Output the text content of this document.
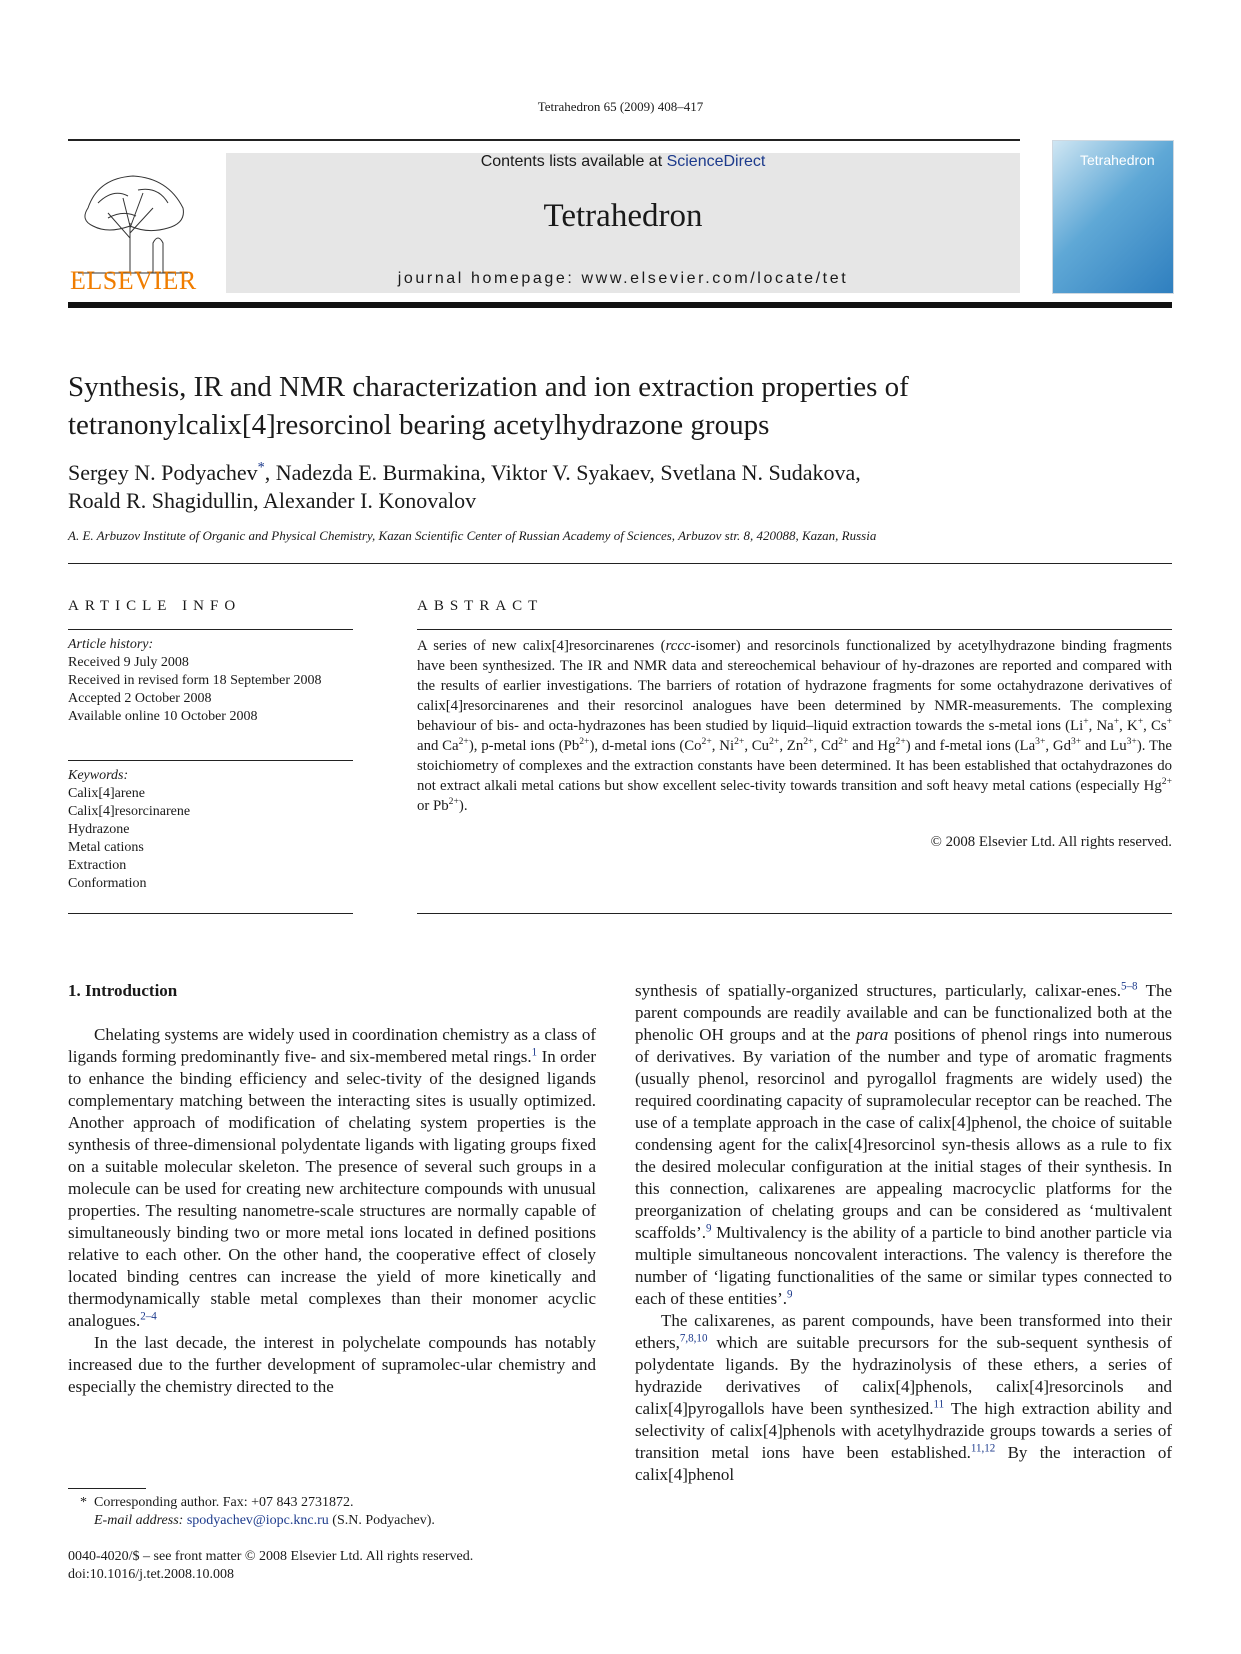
Tetrahedron 65 (2009) 408–417
ELSEVIER
Contents lists available at ScienceDirect
Tetrahedron
journal homepage: www.elsevier.com/locate/tet
Tetrahedron
Synthesis, IR and NMR characterization and ion extraction properties of tetranonylcalix[4]resorcinol bearing acetylhydrazone groups
Sergey N. Podyachev*, Nadezda E. Burmakina, Viktor V. Syakaev, Svetlana N. Sudakova,
Roald R. Shagidullin, Alexander I. Konovalov
A. E. Arbuzov Institute of Organic and Physical Chemistry, Kazan Scientific Center of Russian Academy of Sciences, Arbuzov str. 8, 420088, Kazan, Russia
ARTICLE INFO	ABSTRACT
Article history:
Received 9 July 2008
Received in revised form 18 September 2008
Accepted 2 October 2008
Available online 10 October 2008
Keywords:
Calix[4]arene
Calix[4]resorcinarene
Hydrazone
Metal cations
Extraction
Conformation
A series of new calix[4]resorcinarenes (rccc-isomer) and resorcinols functionalized by acetylhydrazone binding fragments have been synthesized. The IR and NMR data and stereochemical behaviour of hy-drazones are reported and compared with the results of earlier investigations. The barriers of rotation of hydrazone fragments for some octahydrazone derivatives of calix[4]resorcinarenes and their resorcinol analogues have been determined by NMR-measurements. The complexing behaviour of bis- and octa-hydrazones has been studied by liquid–liquid extraction towards the s-metal ions (Li+, Na+, K+, Cs+ and $Ca^{2+}$), p-metal ions $(Pb^{2+})$, d-metal ions ($Co^{2+}$, $Ni^{2+}$, $Cu^{2+}$, $Zn^{2+}$, $Cd^{2+}$ and $Hg^{2+}$) and f-metal ions ($La^{3+}$, $Gd^{3+}$ and $Lu^{3+}$). The stoichiometry of complexes and the extraction constants have been determined. It has been established that octahydrazones do not extract alkali metal cations but show excellent selec-tivity towards transition and soft heavy metal cations (especially $Hg^{2+}$ or $Pb^{2+}$).
© 2008 Elsevier Ltd. All rights reserved.
1. Introduction

Chelating systems are widely used in coordination chemistry as a class of ligands forming predominantly five- and six-membered metal rings.$^1$ In order to enhance the binding efficiency and selec-tivity of the designed ligands complementary matching between the interacting sites is usually optimized. Another approach of modification of chelating system properties is the synthesis of three-dimensional polydentate ligands with ligating groups fixed on a suitable molecular skeleton. The presence of several such groups in a molecule can be used for creating new architecture compounds with unusual properties. The resulting nanometre-scale structures are normally capable of simultaneously binding two or more metal ions located in defined positions relative to each other. On the other hand, the cooperative effect of closely located binding centres can increase the yield of more kinetically and thermodynamically stable metal complexes than their monomer acyclic analogues.$^{2-4}$

In the last decade, the interest in polychelate compounds has notably increased due to the further development of supramolec-ular chemistry and especially the chemistry directed to the

synthesis of spatially-organized structures, particularly, calixar-enes.$^{5-8}$ The parent compounds are readily available and can be functionalized both at the phenolic OH groups and at the para positions of phenol rings into numerous of derivatives. By variation of the number and type of aromatic fragments (usually phenol, resorcinol and pyrogallol fragments are widely used) the required coordinating capacity of supramolecular receptor can be reached. The use of a template approach in the case of calix[4]phenol, the choice of suitable condensing agent for the calix[4]resorcinol syn-thesis allows as a rule to fix the desired molecular configuration at the initial stages of their synthesis. In this connection, calixarenes are appealing macrocyclic platforms for the preorganization of chelating groups and can be considered as ‘multivalent scaffolds’.$^9$ Multivalency is the ability of a particle to bind another particle via multiple simultaneous noncovalent interactions. The valency is therefore the number of ‘ligating functionalities of the same or similar types connected to each of these entities’.$^9$

The calixarenes, as parent compounds, have been transformed into their ethers,$^{7,8,10}$ which are suitable precursors for the sub-sequent synthesis of polydentate ligands. By the hydrazinolysis of these ethers, a series of hydrazide derivatives of calix[4]phenols, calix[4]resorcinols and calix[4]pyrogallols have been synthesized.$^{11}$ The high extraction ability and selectivity of calix[4]phenols with acetylhydrazide groups towards a series of transition metal ions have been established.$^{11,12}$ By the interaction of calix[4]phenol

* Corresponding author. Fax: +07 843 2731872.
E-mail address: spodyachev@iopc.knc.ru (S.N. Podyachev).
0040-4020/$ – see front matter © 2008 Elsevier Ltd. All rights reserved.
doi:10.1016/j.tet.2008.10.008
